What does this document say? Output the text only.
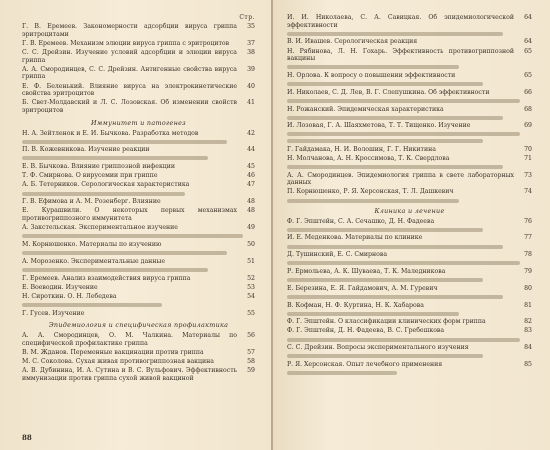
Стр.
Г. В. Еремеев. Закономерности адсорбции вируса гриппа эритроцитами
35
Г. В. Еремеев. Механизм элюции вируса гриппа с эритроцитов	37
С. С. Дрейзин. Изучение условий адсорбции и элюции вируса гриппа
38
А. А. Смородинцев, С. С. Дрейзин. Антигенные свойства вируса гриппа
39
Е. Ф. Беленький. Влияние вируса на электрокинетические свойства эритроцитов
40
Б. Свет-Молдавский и Л. С. Лозовская. Об изменении свойств эритроцитов
41
Иммунитет и патогенез
Н. А. Зейтленок и Е. И. Бычкова. Разработка методов	42
П. В. Кожевникова. Изучение реакции	44
Е. В. Бычкова. Влияние гриппозной инфекции	45
Т. Ф. Смирнова. О вирусемии при гриппе	46
А. Б. Тетерников. Серологическая характеристика	47
Г. В. Ефимова и А. М. Розенберг. Влияние	48
Е. Курашвили. О некоторых первых механизмах противогриппозного иммунитета
48
А. Закстельская. Экспериментальное изучение	49
М. Корнюшенко. Материалы по изучению	50
А. Морозенко. Экспериментальные данные	51
Г. Еремеев. Анализ взаимодействия вируса гриппа	52
Е. Воеводин. Изучение	53
Н. Сироткин. О. Н. Лебедева	54
Г. Гусев. Изучение	55
Эпидемиология и специфическая профилактика
А. А. Смородинцев, О. М. Чалкина. Материалы по специфической профилактике гриппа
56
В. М. Жданов. Переменные вакцинации против гриппа	57
М. С. Соколова. Сухая живая противогриппозная вакцина	58
А. В. Дубинина, И. А. Сутина и В. С. Вульфович. Эффективность иммунизации против гриппа сухой живой вакциной
59
88
И. И. Николаева, С. А. Савицкая. Об эпидемиологической эффективности
64
В. И. Ивашев. Серологическая реакция	64
Н. Рябинова, Л. Н. Гохарь. Эффективность противогриппозной вакцины
65
Н. Орлова. К вопросу о повышении эффективности	65
И. Николаев, С. Д. Лев, В. Г. Слепушкина. Об эффективности	66
Н. Рожанский. Эпидемическая характеристика	68
И. Лозовая, Г. А. Шаяхметова, Т. Т. Тищенко. Изучение	69
Г. Гайдамака, Н. И. Волошин, Г. Г. Никитина	70
Н. Молчанова, А. Н. Кроссимова, Т. К. Свердлова	71
А. А. Смородинцев. Эпидемиология гриппа в свете лабораторных данных
73
П. Корнюшенко, Р. Я. Херсонская, Т. Л. Дашкевич	74
Клиника и лечение
Ф. Г. Эпштейн, С. А. Сечашко, Д. Н. Фадеева	76
И. Е. Меденкова. Материалы по клинике	77
Д. Тушинский, Е. С. Смирнова	78
Р. Ермольева, А. К. Шуваева, Т. К. Маледникова	79
Е. Березина, Е. Я. Гайдамович, А. М. Гуревич	80
В. Кофман, Н. Ф. Куртина, Н. К. Хабарова	81
Ф. Г. Эпштейн. О классификации клинических форм гриппа	82
Ф. Г. Эпштейн, Д. Н. Фадеева, В. С. Гребешкова	83
С. С. Дрейзин. Вопросы экспериментального изучения	84
Р. Я. Херсонская. Опыт лечебного применения	85
